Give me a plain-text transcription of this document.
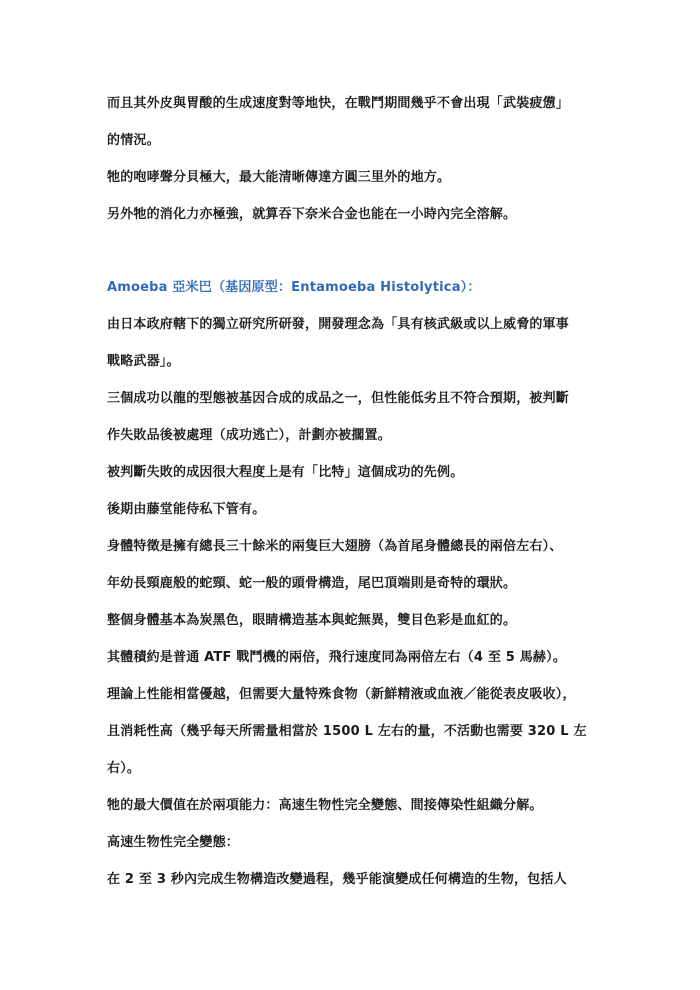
而且其外皮與胃酸的生成速度對等地快，在戰鬥期間幾乎不會出現「武裝疲憊」
的情況。
牠的咆哮聲分貝極大，最大能清晰傳達方圓三里外的地方。
另外牠的消化力亦極強，就算吞下奈米合金也能在一小時內完全溶解。
Amoeba 亞米巴（基因原型：Entamoeba Histolytica）：
由日本政府轄下的獨立研究所研發，開發理念為「具有核武級或以上威脅的軍事
戰略武器」。
三個成功以龍的型態被基因合成的成品之一，但性能低劣且不符合預期，被判斷
作失敗品後被處理（成功逃亡），計劃亦被擱置。
被判斷失敗的成因很大程度上是有「比特」這個成功的先例。
後期由藤堂能侍私下管有。
身體特徵是擁有總長三十餘米的兩隻巨大翅膀（為首尾身體總長的兩倍左右）、
年幼長頸鹿般的蛇頸、蛇一般的頭骨構造，尾巴頂端則是奇特的環狀。
整個身體基本為炭黑色，眼睛構造基本與蛇無異，雙目色彩是血紅的。
其體積約是普通 ATF 戰鬥機的兩倍，飛行速度同為兩倍左右（4 至 5 馬赫）。
理論上性能相當優越，但需要大量特殊食物（新鮮精液或血液／能從表皮吸收），
且消耗性高（幾乎每天所需量相當於 1500 L 左右的量，不活動也需要 320 L 左
右）。
牠的最大價值在於兩項能力：高速生物性完全變態、間接傳染性組織分解。
高速生物性完全變態：
在 2 至 3 秒內完成生物構造改變過程，幾乎能演變成任何構造的生物，包括人
